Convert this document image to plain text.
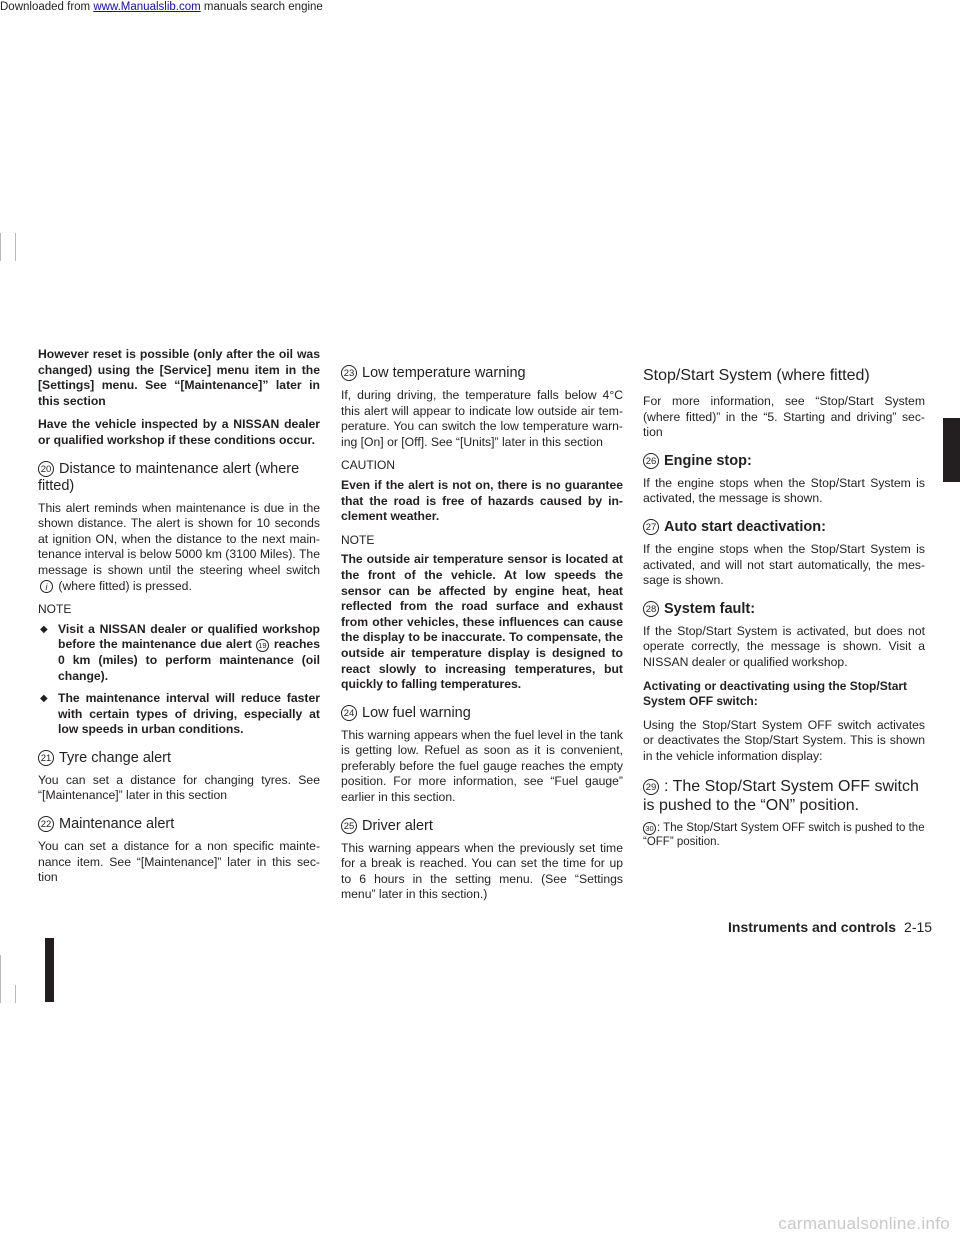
Downloaded from www.Manualslib.com manuals search engine

However reset is possible (only after the oil was changed) using the [Service] menu item in the [Settings] menu. See “[Maintenance]” later in this section

Have the vehicle inspected by a NISSAN dealer or qualified workshop if these conditions occur.

20 Distance to maintenance alert (where fitted)

This alert reminds when maintenance is due in the shown distance. The alert is shown for 10 seconds at ignition ON, when the distance to the next main-tenance interval is below 5000 km (3100 Miles). The message is shown until the steering wheel switch i (where fitted) is pressed.

NOTE

◆ Visit a NISSAN dealer or qualified workshop before the maintenance due alert 19 reaches 0 km (miles) to perform maintenance (oil change).
◆ The maintenance interval will reduce faster with certain types of driving, especially at low speeds in urban conditions.
21 Tyre change alert

You can set a distance for changing tyres. See “[Maintenance]” later in this section

22 Maintenance alert

You can set a distance for a non specific mainte-nance item. See “[Maintenance]” later in this sec-tion

23 Low temperature warning

If, during driving, the temperature falls below 4°C this alert will appear to indicate low outside air tem-perature. You can switch the low temperature warn-ing [On] or [Off]. See “[Units]” later in this section

CAUTION

Even if the alert is not on, there is no guarantee that the road is free of hazards caused by in-clement weather.

NOTE

The outside air temperature sensor is located at the front of the vehicle. At low speeds the sensor can be affected by engine heat, heat reflected from the road surface and exhaust from other vehicles, these influences can cause the display to be inaccurate. To compensate, the outside air temperature display is designed to react slowly to increasing temperatures, but quickly to falling temperatures.

24 Low fuel warning

This warning appears when the fuel level in the tank is getting low. Refuel as soon as it is convenient, preferably before the fuel gauge reaches the empty position. For more information, see “Fuel gauge” earlier in this section.

25 Driver alert

This warning appears when the previously set time for a break is reached. You can set the time for up to 6 hours in the setting menu. (See “Settings menu” later in this section.)

Stop/Start System (where fitted)

For more information, see “Stop/Start System (where fitted)” in the “5. Starting and driving” sec-tion

26 Engine stop:

If the engine stops when the Stop/Start System is activated, the message is shown.

27 Auto start deactivation:

If the engine stops when the Stop/Start System is activated, and will not start automatically, the mes-sage is shown.

28 System fault:

If the Stop/Start System is activated, but does not operate correctly, the message is shown. Visit a NISSAN dealer or qualified workshop.

Activating or deactivating using the Stop/Start System OFF switch:

Using the Stop/Start System OFF switch activates or deactivates the Stop/Start System. This is shown in the vehicle information display:

29 : The Stop/Start System OFF switch is pushed to the “ON” position.

30 : The Stop/Start System OFF switch is pushed to the “OFF” position.

Instruments and controls 2-15
carmanualsonline.info
